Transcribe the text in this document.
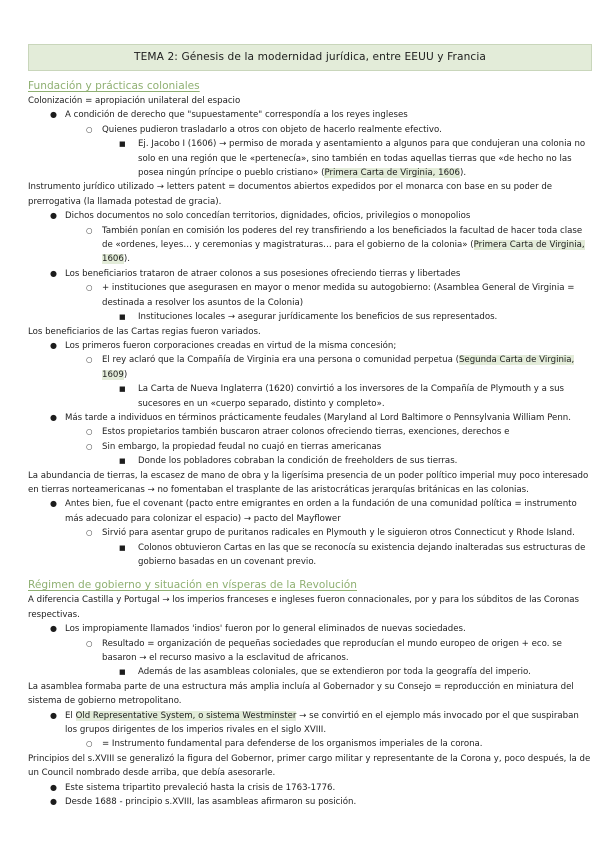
TEMA 2: Génesis de la modernidad jurídica, entre EEUU y Francia
Fundación y prácticas coloniales
Colonización = apropiación unilateral del espacio
● A condición de derecho que "supuestamente" correspondía a los reyes ingleses
○ Quienes pudieron trasladarlo a otros con objeto de hacerlo realmente efectivo.
■ Ej. Jacobo I (1606) → permiso de morada y asentamiento a algunos para que condujeran una colonia no solo en una región que le «pertenecía», sino también en todas aquellas tierras que «de hecho no las posea ningún príncipe o pueblo cristiano» (Primera Carta de Virginia, 1606).
Instrumento jurídico utilizado → letters patent = documentos abiertos expedidos por el monarca con base en su poder de prerrogativa (la llamada potestad de gracia).
● Dichos documentos no solo concedían territorios, dignidades, oficios, privilegios o monopolios
○ También ponían en comisión los poderes del rey transfiriendo a los beneficiados la facultad de hacer toda clase de «ordenes, leyes… y ceremonias y magistraturas… para el gobierno de la colonia» (Primera Carta de Virginia, 1606).
● Los beneficiarios trataron de atraer colonos a sus posesiones ofreciendo tierras y libertades
○ + instituciones que asegurasen en mayor o menor medida su autogobierno: (Asamblea General de Virginia = destinada a resolver los asuntos de la Colonia)
■ Instituciones locales → asegurar jurídicamente los beneficios de sus representados.
Los beneficiarios de las Cartas regias fueron variados.
● Los primeros fueron corporaciones creadas en virtud de la misma concesión;
○ El rey aclaró que la Compañía de Virginia era una persona o comunidad perpetua (Segunda Carta de Virginia, 1609)
■ La Carta de Nueva Inglaterra (1620) convirtió a los inversores de la Compañía de Plymouth y a sus sucesores en un «cuerpo separado, distinto y completo».
● Más tarde a individuos en términos prácticamente feudales (Maryland al Lord Baltimore o Pennsylvania William Penn.
○ Estos propietarios también buscaron atraer colonos ofreciendo tierras, exenciones, derechos e
○ Sin embargo, la propiedad feudal no cuajó en tierras americanas
■ Donde los pobladores cobraban la condición de freeholders de sus tierras.
La abundancia de tierras, la escasez de mano de obra y la ligerísima presencia de un poder político imperial muy poco interesado en tierras norteamericanas → no fomentaban el trasplante de las aristocráticas jerarquías británicas en las colonias.
● Antes bien, fue el covenant (pacto entre emigrantes en orden a la fundación de una comunidad política = instrumento más adecuado para colonizar el espacio) → pacto del Mayflower
○ Sirvió para asentar grupo de puritanos radicales en Plymouth y le siguieron otros Connecticut y Rhode Island.
■ Colonos obtuvieron Cartas en las que se reconocía su existencia dejando inalteradas sus estructuras de gobierno basadas en un covenant previo.
Régimen de gobierno y situación en vísperas de la Revolución
A diferencia Castilla y Portugal → los imperios franceses e ingleses fueron connacionales, por y para los súbditos de las Coronas respectivas.
● Los impropiamente llamados 'indios' fueron por lo general eliminados de nuevas sociedades.
○ Resultado = organización de pequeñas sociedades que reproducían el mundo europeo de origen + eco. se basaron → el recurso masivo a la esclavitud de africanos.
■ Además de las asambleas coloniales, que se extendieron por toda la geografía del imperio.
La asamblea formaba parte de una estructura más amplia incluía al Gobernador y su Consejo = reproducción en miniatura del sistema de gobierno metropolitano.
● El Old Representative System, o sistema Westminster → se convirtió en el ejemplo más invocado por el que suspiraban los grupos dirigentes de los imperios rivales en el siglo XVIII.
○ = Instrumento fundamental para defenderse de los organismos imperiales de la corona.
Principios del s.XVIII se generalizó la figura del Gobernor, primer cargo militar y representante de la Corona y, poco después, la de un Council nombrado desde arriba, que debía asesorarle.
● Este sistema tripartito prevaleció hasta la crisis de 1763-1776.
● Desde 1688 - principio s.XVIII, las asambleas afirmaron su posición.
